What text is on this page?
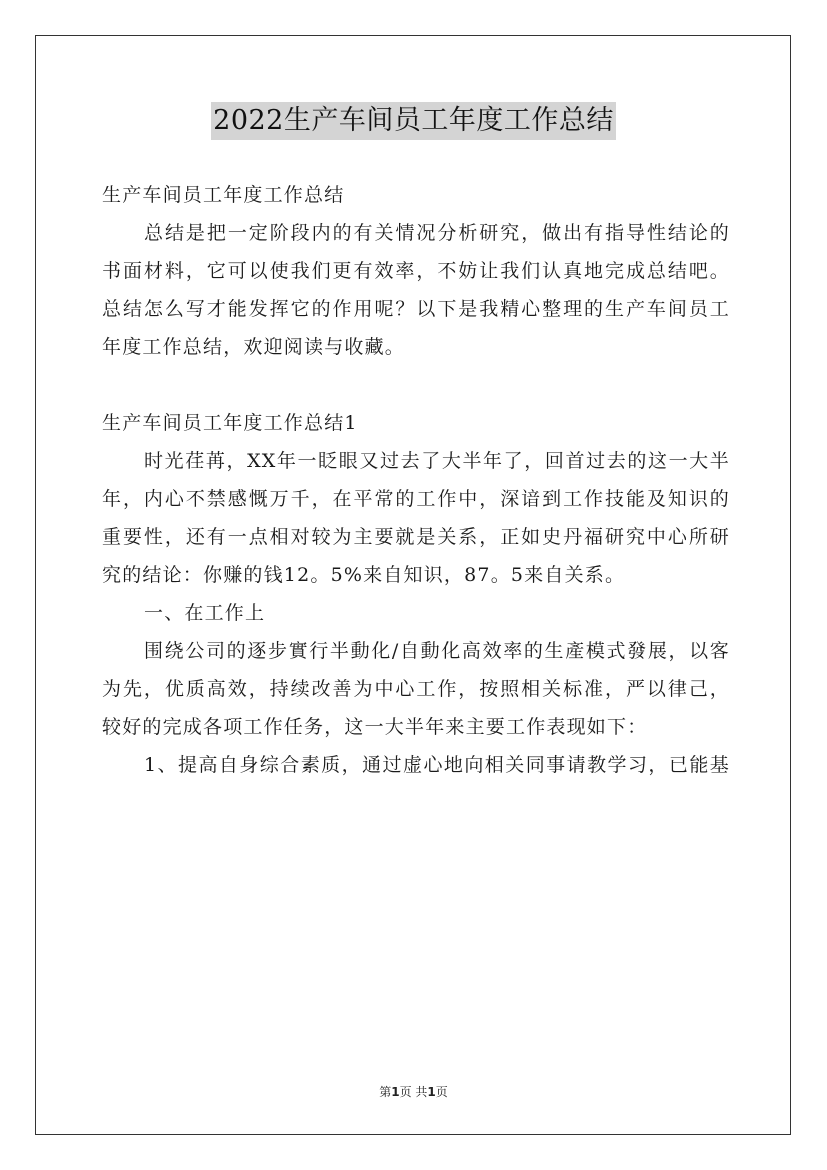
2022生产车间员工年度工作总结
生产车间员工年度工作总结
总结是把一定阶段内的有关情况分析研究，做出有指导性结论的
书面材料，它可以使我们更有效率，不妨让我们认真地完成总结吧。
总结怎么写才能发挥它的作用呢？以下是我精心整理的生产车间员工
年度工作总结，欢迎阅读与收藏。
生产车间员工年度工作总结1
时光荏苒，XX年一眨眼又过去了大半年了，回首过去的这一大半
年，内心不禁感慨万千，在平常的工作中，深谙到工作技能及知识的
重要性，还有一点相对较为主要就是关系，正如史丹福研究中心所研
究的结论：你赚的钱12。5%来自知识，87。5来自关系。
一、在工作上
围绕公司的逐步實行半動化/自動化高效率的生產模式發展，以客
为先，优质高效，持续改善为中心工作，按照相关标准，严以律己，
较好的完成各项工作任务，这一大半年来主要工作表现如下：
1、提高自身综合素质，通过虚心地向相关同事请教学习，已能基
第1页 共1页
